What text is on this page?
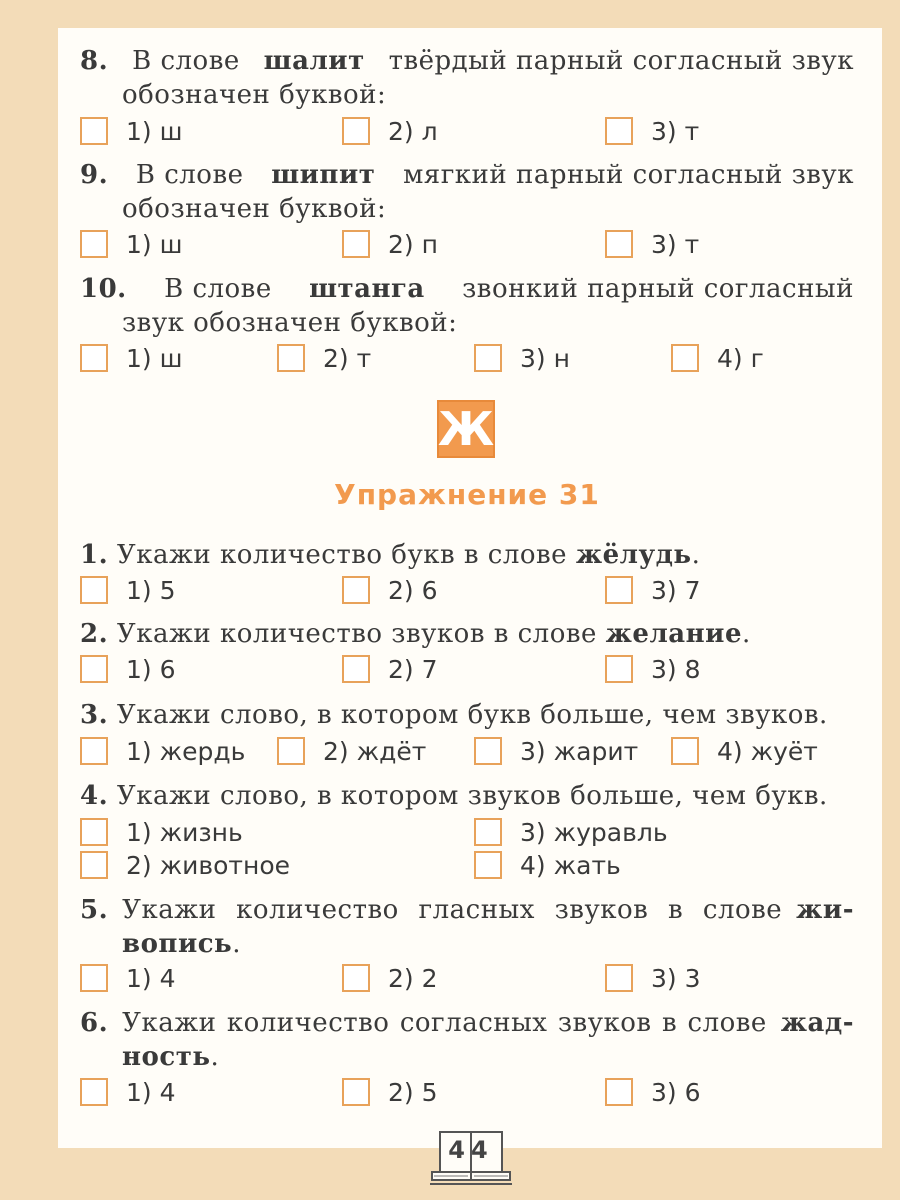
8. В слове шалит твёрдый парный согласный звук
обозначен буквой:
1) ш	2) л	3) т
9. В слове шипит мягкий парный согласный звук
обозначен буквой:
1) ш	2) п	3) т
10. В слове штанга звонкий парный согласный
звук обозначен буквой:
1) ш	2) т	3) н	4) г
Ж
Упражнение 31
1. Укажи количество букв в слове жёлудь.
1) 5	2) 6	3) 7
2. Укажи количество звуков в слове желание.
1) 6	2) 7	3) 8
3. Укажи слово, в котором букв больше, чем звуков.
1) жердь	2) ждёт	3) жарит	4) жуёт
4. Укажи слово, в котором звуков больше, чем букв.
1) жизнь	3) журавль
2) животное	4) жать
5. Укажи количество гласных звуков в слове жи-
вопись.
1) 4	2) 2	3) 3
6. Укажи количество согласных звуков в слове жад-
ность.
1) 4	2) 5	3) 6
44
